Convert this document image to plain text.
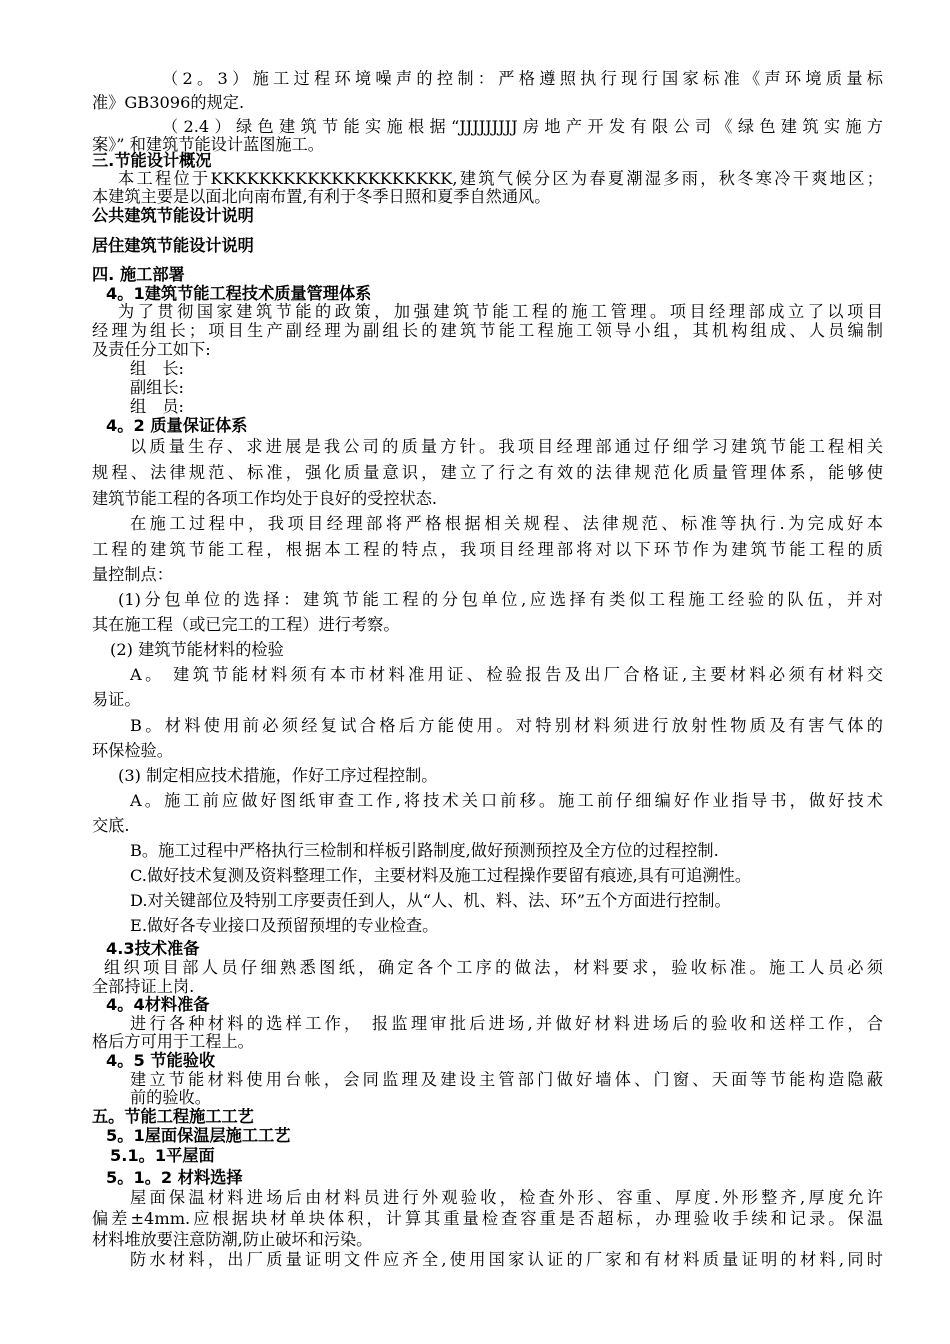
（2。3）施工过程环境噪声的控制：严格遵照执行现行国家标准《声环境质量标
准》GB3096的规定.
（2.4）绿色建筑节能实施根据“JJJJJJJJJ房地产开发有限公司《绿色建筑实施方
案》” 和建筑节能设计蓝图施工。
三.节能设计概况
本工程位于KKKKKKKKKKKKKKKKKKKK,建筑气候分区为春夏潮湿多雨，秋冬寒冷干爽地区；
本建筑主要是以面北向南布置,有利于冬季日照和夏季自然通风。
公共建筑节能设计说明
居住建筑节能设计说明
四. 施工部署
4。1建筑节能工程技术质量管理体系
为了贯彻国家建筑节能的政策，加强建筑节能工程的施工管理。项目经理部成立了以项目
经理为组长；项目生产副经理为副组长的建筑节能工程施工领导小组，其机构组成、人员编制
及责任分工如下:
组　长:
副组长:
组　员:
4。2 质量保证体系
以质量生存、求进展是我公司的质量方针。我项目经理部通过仔细学习建筑节能工程相关
规程、法律规范、标准，强化质量意识，建立了行之有效的法律规范化质量管理体系，能够使
建筑节能工程的各项工作均处于良好的受控状态.
在施工过程中，我项目经理部将严格根据相关规程、法律规范、标准等执行.为完成好本
工程的建筑节能工程，根据本工程的特点，我项目经理部将对以下环节作为建筑节能工程的质
量控制点：
(1)分包单位的选择：建筑节能工程的分包单位,应选择有类似工程施工经验的队伍，并对
其在施工程（或已完工的工程）进行考察。
(2) 建筑节能材料的检验
A。 建筑节能材料须有本市材料准用证、检验报告及出厂合格证,主要材料必须有材料交
易证。
B。材料使用前必须经复试合格后方能使用。对特别材料须进行放射性物质及有害气体的
环保检验。
(3) 制定相应技术措施，作好工序过程控制。
A。施工前应做好图纸审查工作,将技术关口前移。施工前仔细编好作业指导书，做好技术
交底.
B。施工过程中严格执行三检制和样板引路制度,做好预测预控及全方位的过程控制.
C.做好技术复测及资料整理工作，主要材料及施工过程操作要留有痕迹,具有可追溯性。
D.对关键部位及特别工序要责任到人，从“人、机、料、法、环”五个方面进行控制。
E.做好各专业接口及预留预埋的专业检查。
4.3技术准备
组织项目部人员仔细熟悉图纸，确定各个工序的做法，材料要求，验收标准。施工人员必须
全部持证上岗.
4。4材料准备
进行各种材料的选样工作， 报监理审批后进场,并做好材料进场后的验收和送样工作，合
格后方可用于工程上。
4。5 节能验收
建立节能材料使用台帐，会同监理及建设主管部门做好墙体、门窗、天面等节能构造隐蔽
前的验收。
五。节能工程施工工艺
5。1屋面保温层施工工艺
5.1。1平屋面
5。1。2 材料选择
屋面保温材料进场后由材料员进行外观验收，检查外形、容重、厚度.外形整齐,厚度允许
偏差±4mm.应根据块材单块体积，计算其重量检查容重是否超标，办理验收手续和记录。保温
材料堆放要注意防潮,防止破坏和污染。
防水材料，出厂质量证明文件应齐全,使用国家认证的厂家和有材料质量证明的材料,同时
